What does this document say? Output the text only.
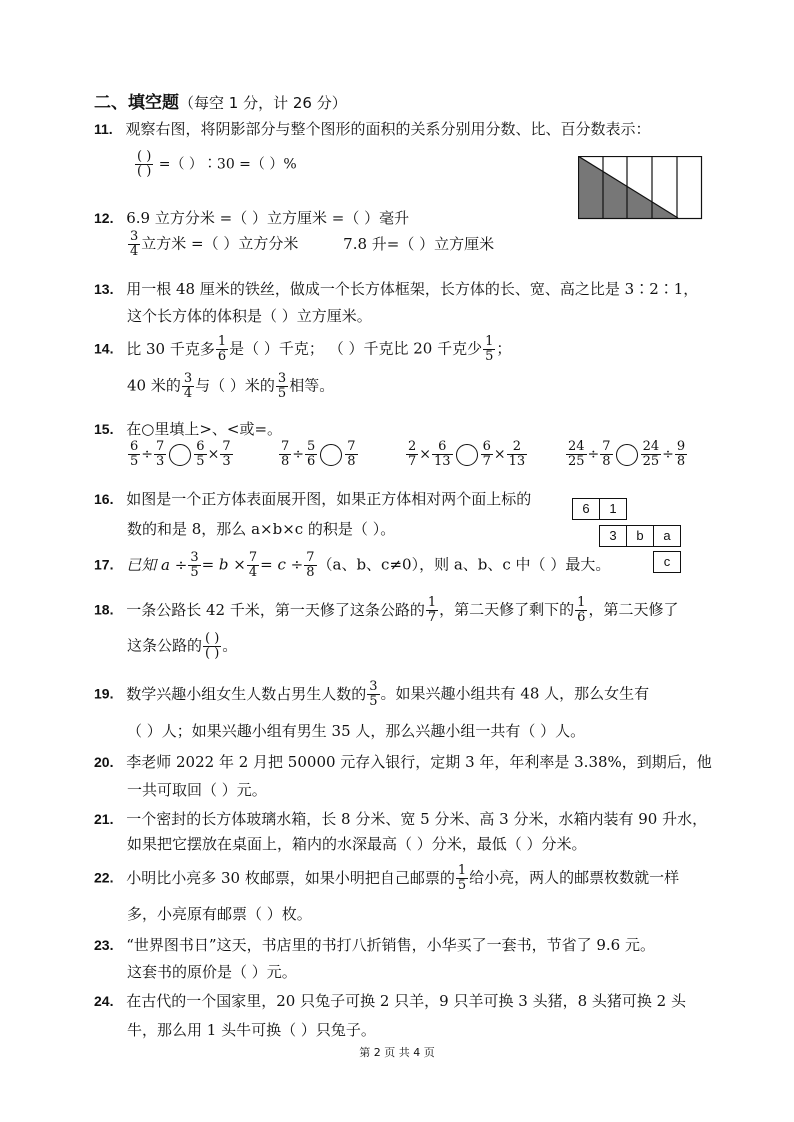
二、填空题（每空 1 分，计 26 分）
11. 观察右图，将阴影部分与整个图形的面积的关系分别用分数、比、百分数表示：
$\frac{( )}{( )}$ =（ ）∶30 =（ ）%
12. 6.9 立方分米 =（ ）立方厘米 =（ ）毫升
$\frac{3}{4}$ 立方米 =（ ）立方分米	7.8 升=（ ）立方厘米
13. 用一根 48 厘米的铁丝，做成一个长方体框架，长方体的长、宽、高之比是 3∶2∶1，
这个长方体的体积是（ ）立方厘米。
14. 比 30 千克多 $\frac{1}{6}$ 是（ ）千克； （ ）千克比 20 千克少 $\frac{1}{5}$ ；
40 米的 $\frac{3}{4}$ 与（ ）米的 $\frac{3}{5}$ 相等。
15. 在○里填上>、<或=。
$\frac{6}{5} \div \frac{7}{3} \frac{6}{5} \times \frac{7}{3}$	$\frac{7}{8} \div \frac{5}{6} \frac{7}{8}$	$\frac{2}{7} \times \frac{6}{13} \frac{6}{7} \times \frac{2}{13}$	$\frac{24}{25} \div \frac{7}{8} \frac{24}{25} \div \frac{9}{8}$
16. 如图是一个正方体表面展开图，如果正方体相对两个面上标的
数的和是 8，那么 a×b×c 的积是（ ）。
6	1
3	b	a
c
17. 已知 $a \div \frac{3}{5} = b \times \frac{7}{4} = c \div \frac{7}{8} (a$、b、c≠0），则 a、b、c 中（ ）最大。
18. 一条公路长 42 千米，第一天修了这条公路的 $\frac{1}{7}$ ，第二天修了剩下的 $\frac{1}{6}$ ，第二天修了
这条公路的 $\frac{( )}{( )}$ 。
19. 数学兴趣小组女生人数占男生人数的 $\frac{3}{5}$ 。如果兴趣小组共有 48 人，那么女生有
（ ）人；如果兴趣小组有男生 35 人，那么兴趣小组一共有（ ）人。
20. 李老师 2022 年 2 月把 50000 元存入银行，定期 3 年，年利率是 3.38%，到期后，他
一共可取回（ ）元。
21. 一个密封的长方体玻璃水箱，长 8 分米、宽 5 分米、高 3 分米，水箱内装有 90 升水，
如果把它摆放在桌面上，箱内的水深最高（ ）分米，最低（ ）分米。
22. 小明比小亮多 30 枚邮票，如果小明把自己邮票的 $\frac{1}{5}$ 给小亮，两人的邮票枚数就一样
多，小亮原有邮票（ ）枚。
23. “世界图书日”这天，书店里的书打八折销售，小华买了一套书，节省了 9.6 元。
这套书的原价是（ ）元。
24. 在古代的一个国家里，20 只兔子可换 2 只羊，9 只羊可换 3 头猪，8 头猪可换 2 头
牛，那么用 1 头牛可换（ ）只兔子。
第 2 页 共 4 页
